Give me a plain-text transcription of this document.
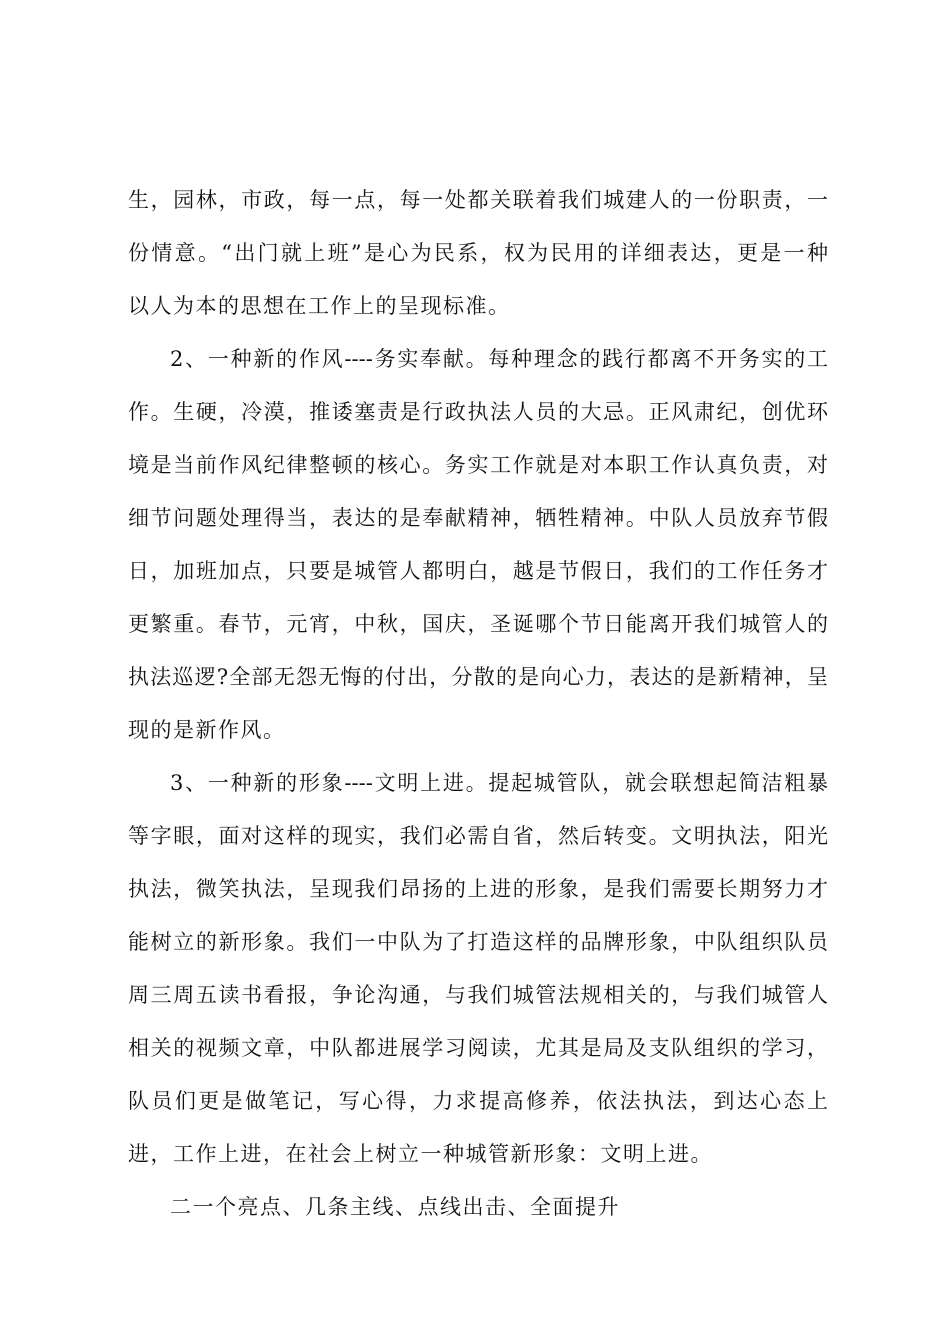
生，园林，市政，每一点，每一处都关联着我们城建人的一份职责，一
份情意。“出门就上班”是心为民系，权为民用的详细表达，更是一种
以人为本的思想在工作上的呈现标准。
2、一种新的作风----务实奉献。每种理念的践行都离不开务实的工
作。生硬，冷漠，推诿塞责是行政执法人员的大忌。正风肃纪，创优环
境是当前作风纪律整顿的核心。务实工作就是对本职工作认真负责，对
细节问题处理得当，表达的是奉献精神，牺牲精神。中队人员放弃节假
日，加班加点，只要是城管人都明白，越是节假日，我们的工作任务才
更繁重。春节，元宵，中秋，国庆，圣诞哪个节日能离开我们城管人的
执法巡逻?全部无怨无悔的付出，分散的是向心力，表达的是新精神，呈
现的是新作风。
3、一种新的形象----文明上进。提起城管队，就会联想起简洁粗暴
等字眼，面对这样的现实，我们必需自省，然后转变。文明执法，阳光
执法，微笑执法，呈现我们昂扬的上进的形象，是我们需要长期努力才
能树立的新形象。我们一中队为了打造这样的品牌形象，中队组织队员
周三周五读书看报，争论沟通，与我们城管法规相关的，与我们城管人
相关的视频文章，中队都进展学习阅读，尤其是局及支队组织的学习，
队员们更是做笔记，写心得，力求提高修养，依法执法，到达心态上
进，工作上进，在社会上树立一种城管新形象：文明上进。
二一个亮点、几条主线、点线出击、全面提升
